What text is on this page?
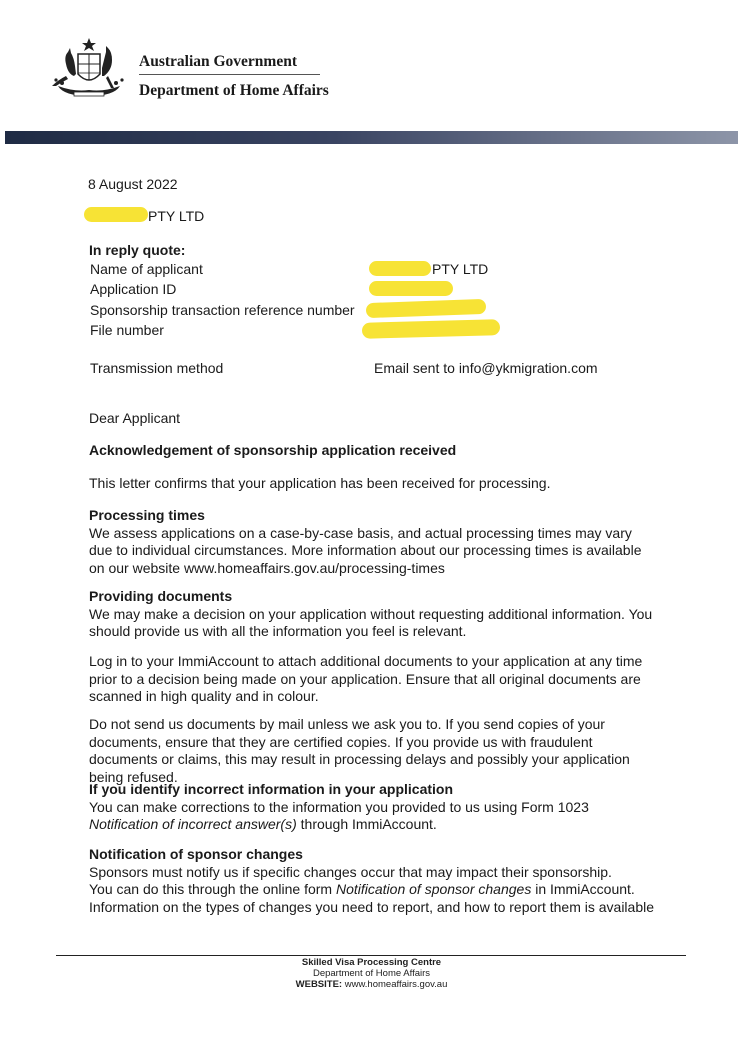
Australian Government
Department of Home Affairs
8 August 2022
PTY LTD
In reply quote:
Name of applicant	PTY LTD
Application ID
Sponsorship transaction reference number
File number
Transmission method	Email sent to info@ykmigration.com
Dear Applicant
Acknowledgement of sponsorship application received
This letter confirms that your application has been received for processing.

Processing times

We assess applications on a case-by-case basis, and actual processing times may vary due to individual circumstances. More information about our processing times is available on our website www.homeaffairs.gov.au/processing-times

Providing documents

We may make a decision on your application without requesting additional information. You should provide us with all the information you feel is relevant.

Log in to your ImmiAccount to attach additional documents to your application at any time prior to a decision being made on your application. Ensure that all original documents are scanned in high quality and in colour.

Do not send us documents by mail unless we ask you to. If you send copies of your documents, ensure that they are certified copies. If you provide us with fraudulent documents or claims, this may result in processing delays and possibly your application being refused.

If you identify incorrect information in your application

You can make corrections to the information you provided to us using Form 1023 Notification of incorrect answer(s) through ImmiAccount.

Notification of sponsor changes

Sponsors must notify us if specific changes occur that may impact their sponsorship.

You can do this through the online form Notification of sponsor changes in ImmiAccount.

Information on the types of changes you need to report, and how to report them is available

Skilled Visa Processing Centre
Department of Home Affairs
WEBSITE: www.homeaffairs.gov.au
